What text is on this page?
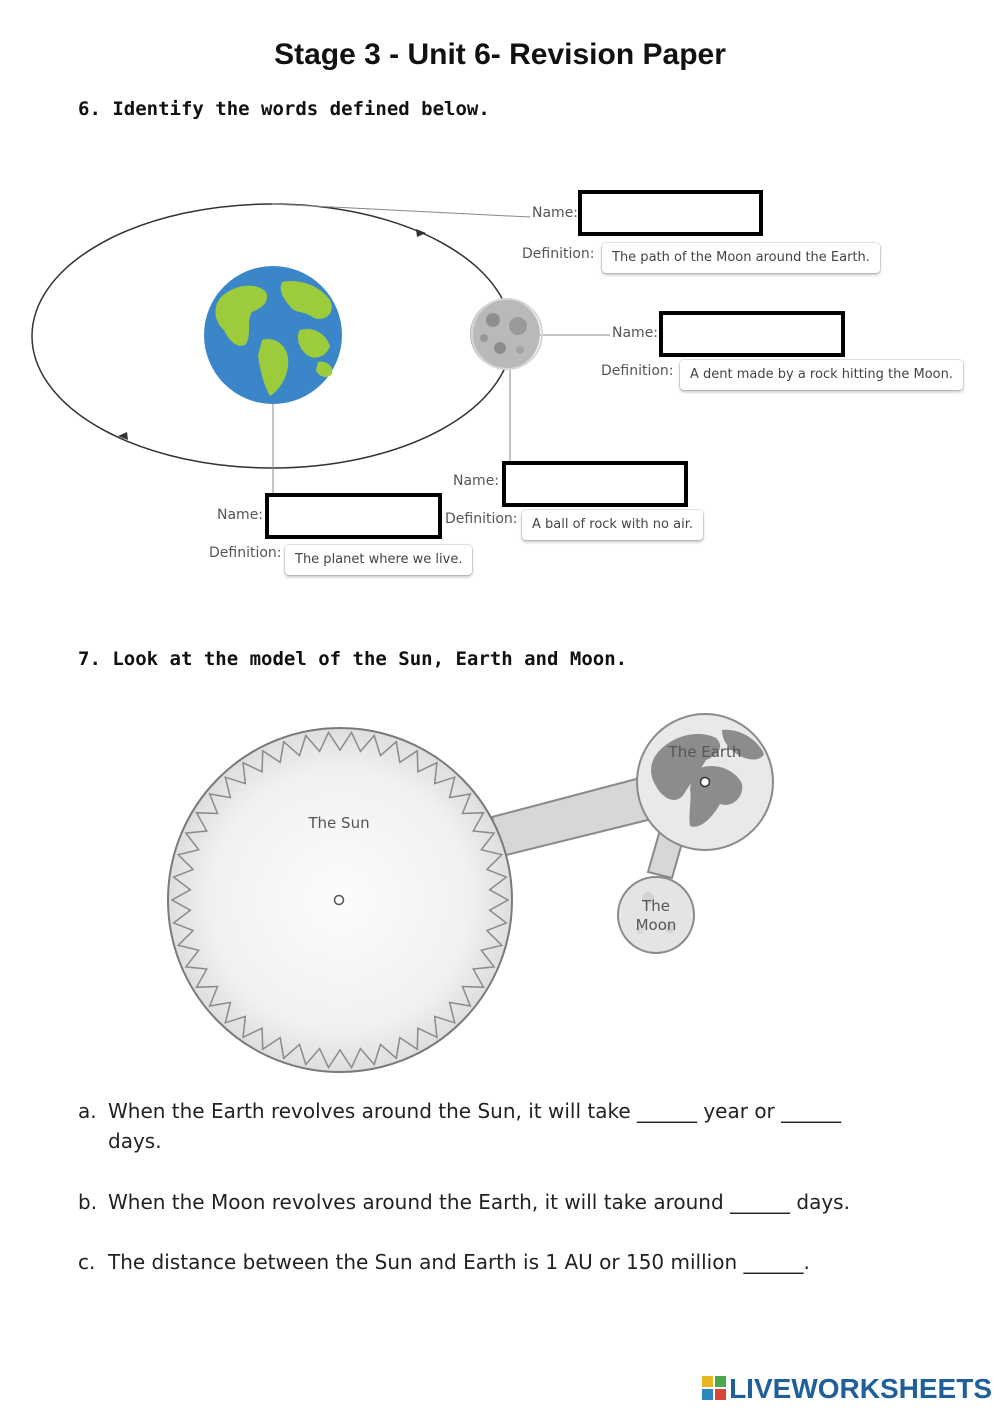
Stage 3 - Unit 6- Revision Paper
6. Identify the words defined below.
Name:
Definition:	The path of the Moon around the Earth.
Name:
Definition:	A dent made by a rock hitting the Moon.
Name:
Definition:	A ball of rock with no air.
Name:
Definition:	The planet where we live.
7. Look at the model of the Sun, Earth and Moon.
The Sun
The Earth
The
Moon
a. When the Earth revolves around the Sun, it will take ______ year or ______
days.
b. When the Moon revolves around the Earth, it will take around ______ days.
c. The distance between the Sun and Earth is 1 AU or 150 million ______.
LIVEWORKSHEETS
